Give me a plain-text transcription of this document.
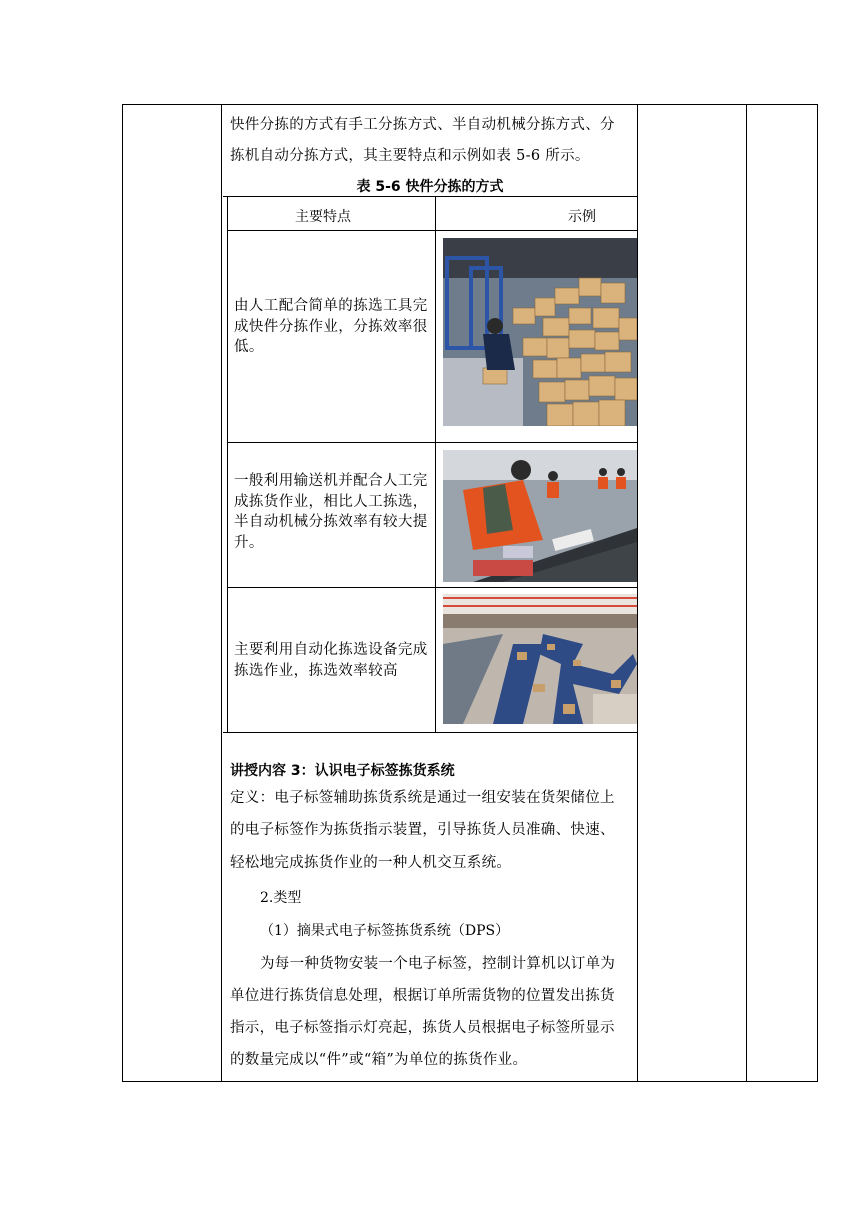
快件分拣的方式有手工分拣方式、半自动机械分拣方式、分
拣机自动分拣方式，其主要特点和示例如表 5-6 所示。
表 5-6 快件分拣的方式
主要特点	示例
由人工配合简单的拣选工具完成快件分拣作业，分拣效率很低。
一般利用输送机并配合人工完成拣货作业，相比人工拣选，半自动机械分拣效率有较大提升。
主要利用自动化拣选设备完成拣选作业，拣选效率较高
讲授内容 3：认识电子标签拣货系统
定义：电子标签辅助拣货系统是通过一组安装在货架储位上
的电子标签作为拣货指示装置，引导拣货人员准确、快速、
轻松地完成拣货作业的一种人机交互系统。
2.类型
（1）摘果式电子标签拣货系统（DPS）
为每一种货物安装一个电子标签，控制计算机以订单为
单位进行拣货信息处理，根据订单所需货物的位置发出拣货
指示，电子标签指示灯亮起，拣货人员根据电子标签所显示
的数量完成以“件”或“箱”为单位的拣货作业。
